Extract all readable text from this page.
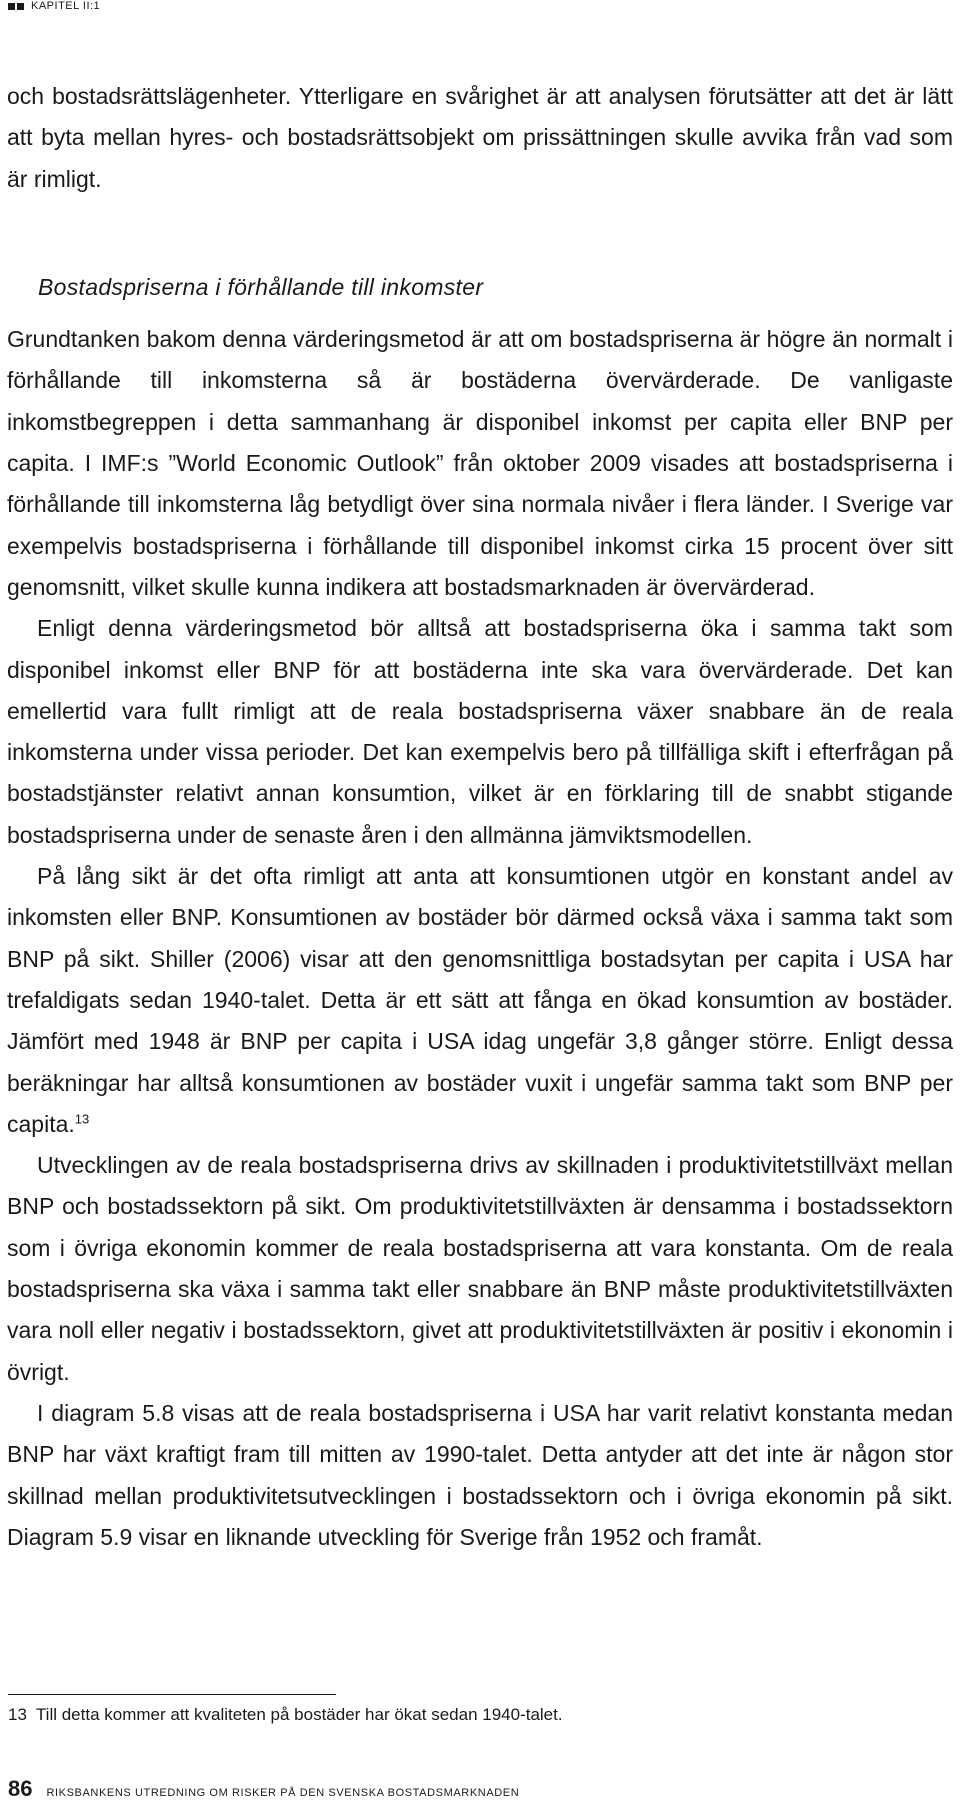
KAPITEL II:1

och bostadsrättslägenheter. Ytterligare en svårighet är att analysen förutsätter att det är lätt att byta mellan hyres- och bostadsrättsobjekt om prissättningen skulle avvika från vad som är rimligt.

Bostadspriserna i förhållande till inkomster

Grundtanken bakom denna värderingsmetod är att om bostadspriserna är högre än normalt i förhållande till inkomsterna så är bostäderna övervärderade. De vanligaste inkomstbegreppen i detta sammanhang är disponibel inkomst per capita eller BNP per capita. I IMF:s ”World Economic Outlook” från oktober 2009 visades att bostadspriserna i förhållande till inkomsterna låg betydligt över sina normala nivåer i flera länder. I Sverige var exempelvis bostadspriserna i förhållande till disponibel inkomst cirka 15 procent över sitt genomsnitt, vilket skulle kunna indikera att bostadsmarknaden är övervärderad.

Enligt denna värderingsmetod bör alltså att bostadspriserna öka i samma takt som disponibel inkomst eller BNP för att bostäderna inte ska vara övervärderade. Det kan emellertid vara fullt rimligt att de reala bostadspriserna växer snabbare än de reala inkomsterna under vissa perioder. Det kan exempelvis bero på tillfälliga skift i efterfrågan på bostadstjänster relativt annan konsumtion, vilket är en förklaring till de snabbt stigande bostadspriserna under de senaste åren i den allmänna jämviktsmodellen.

På lång sikt är det ofta rimligt att anta att konsumtionen utgör en konstant andel av inkomsten eller BNP. Konsumtionen av bostäder bör därmed också växa i samma takt som BNP på sikt. Shiller (2006) visar att den genomsnittliga bostadsytan per capita i USA har trefaldigats sedan 1940-talet. Detta är ett sätt att fånga en ökad konsumtion av bostäder. Jämfört med 1948 är BNP per capita i USA idag ungefär 3,8 gånger större. Enligt dessa beräkningar har alltså konsumtionen av bostäder vuxit i ungefär samma takt som BNP per capita.$^{13}$

Utvecklingen av de reala bostadspriserna drivs av skillnaden i produktivitetstillväxt mellan BNP och bostadssektorn på sikt. Om produktivitetstillväxten är densamma i bostadssektorn som i övriga ekonomin kommer de reala bostadspriserna att vara konstanta. Om de reala bostadspriserna ska växa i samma takt eller snabbare än BNP måste produktivitetstillväxten vara noll eller negativ i bostadssektorn, givet att produktivitetstillväxten är positiv i ekonomin i övrigt.

I diagram 5.8 visas att de reala bostadspriserna i USA har varit relativt konstanta medan BNP har växt kraftigt fram till mitten av 1990-talet. Detta antyder att det inte är någon stor skillnad mellan produktivitetsutvecklingen i bostadssektorn och i övriga ekonomin på sikt. Diagram 5.9 visar en liknande utveckling för Sverige från 1952 och framåt.

13 Till detta kommer att kvaliteten på bostäder har ökat sedan 1940-talet.
86 RIKSBANKENS UTREDNING OM RISKER PÅ DEN SVENSKA BOSTADSMARKNADEN
